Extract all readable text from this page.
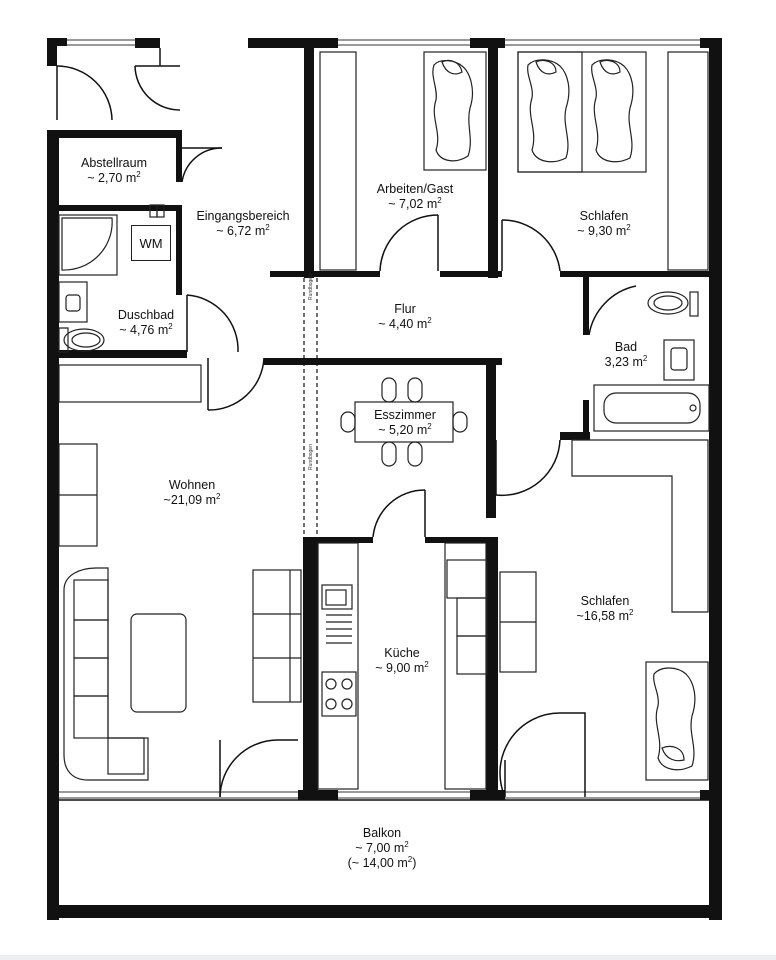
Rundbogen
Rundbogen
WM
Abstellraum
~ 2,70 $m^2$
Eingangsbereich
~ 6,72 $m^2$
Arbeiten/Gast
~ 7,02 $m^2$
Schlafen
~ 9,30 $m^2$
Duschbad
~ 4,76 $m^2$
Flur
~ 4,40 $m^2$
Bad
3,23 $m^2$
Esszimmer
~ 5,20 $m^2$
Wohnen
~21,09 $m^2$
Küche
~ 9,00 $m^2$
Schlafen
~16,58 $m^2$
Balkon
~ 7,00 $m^2$
(~ 14,00 $m^2$)
